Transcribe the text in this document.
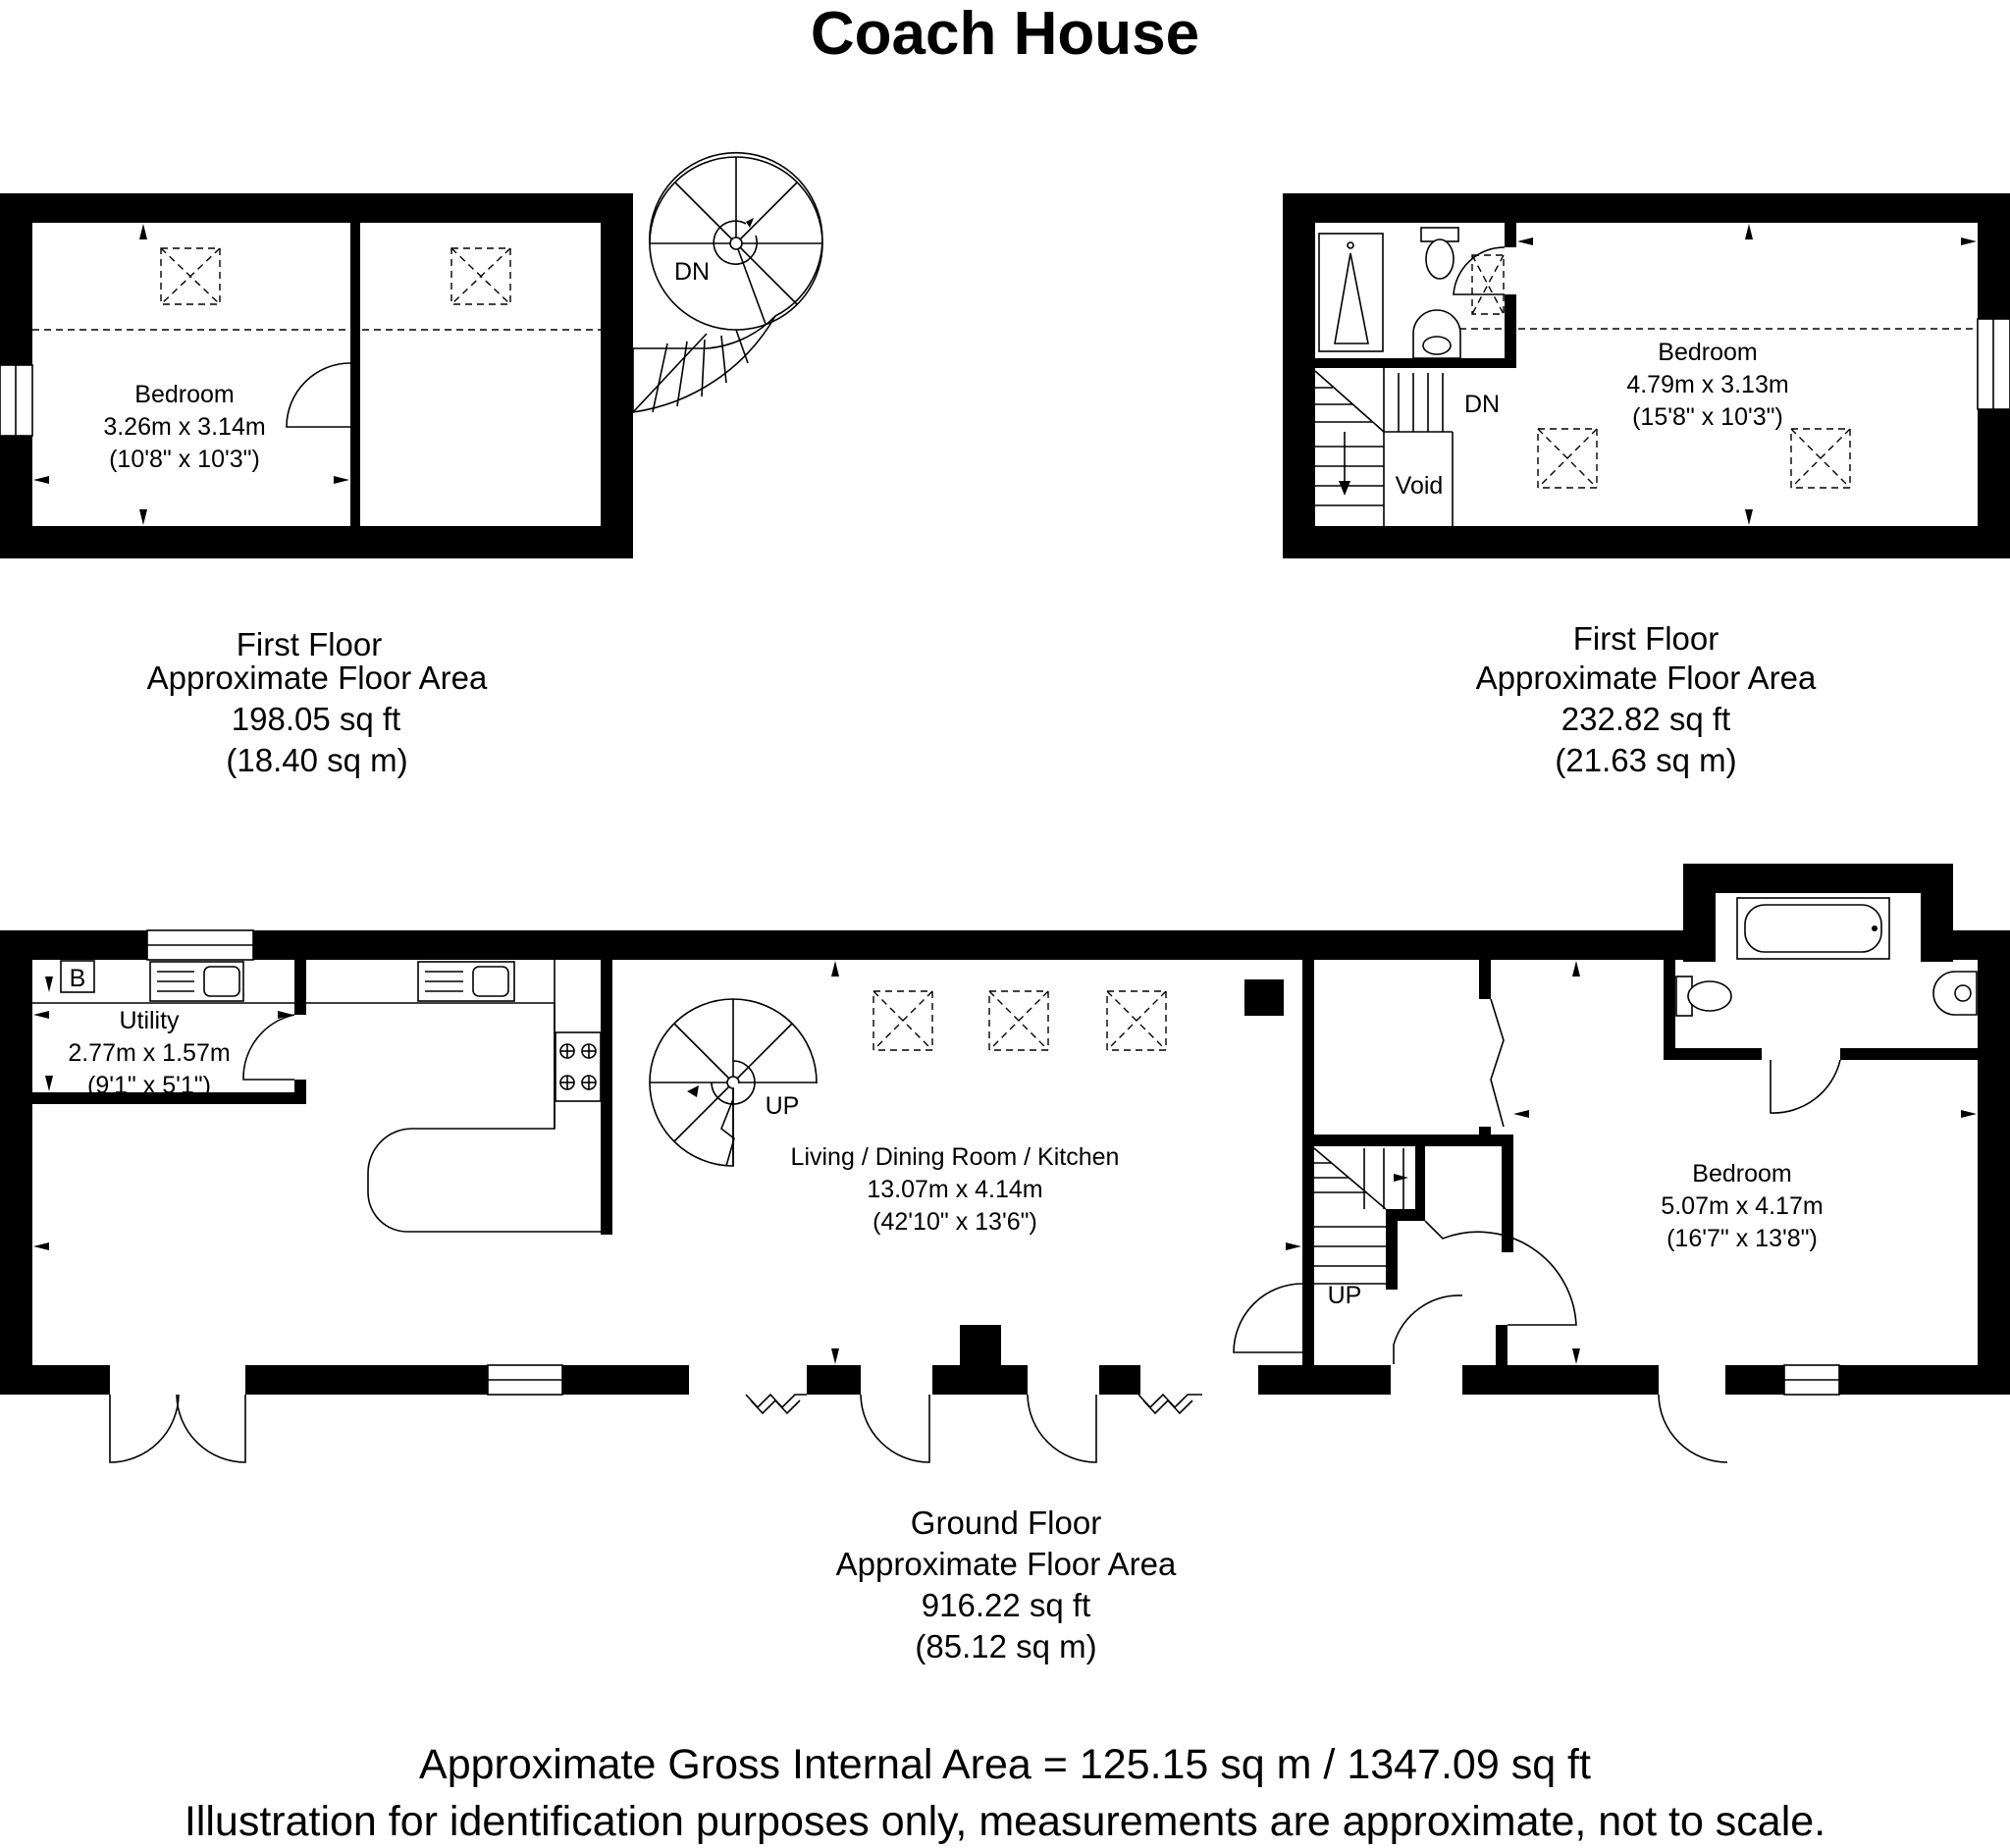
Coach House
DN
Bedroom
3.26m x 3.14m
(10'8" x 10'3")
First Floor
Approximate Floor Area
198.05 sq ft
(18.40 sq m)
DN
Void
Bedroom
4.79m x 3.13m
(15'8" x 10'3")
First Floor
Approximate Floor Area
232.82 sq ft
(21.63 sq m)
B
Utility
2.77m x 1.57m
(9'1" x 5'1")
UP
Living / Dining Room / Kitchen
13.07m x 4.14m
(42'10" x 13'6")
UP
Bedroom
5.07m x 4.17m
(16'7" x 13'8")
Ground Floor
Approximate Floor Area
916.22 sq ft
(85.12 sq m)
Approximate Gross Internal Area = 125.15 sq m / 1347.09 sq ft
Illustration for identification purposes only, measurements are approximate, not to scale.
